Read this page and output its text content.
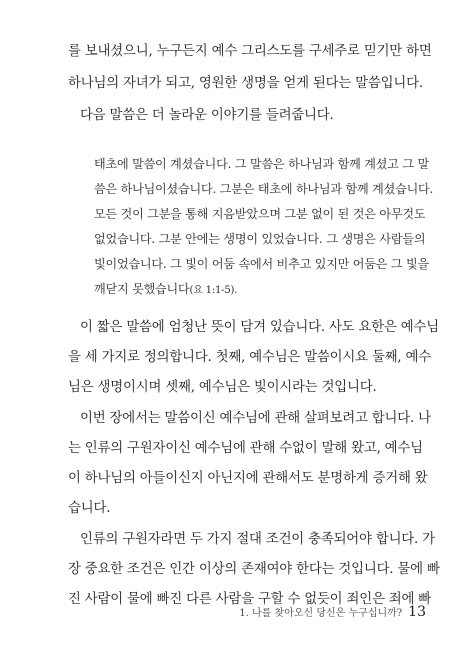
를 보내셨으니, 누구든지 예수 그리스도를 구세주로 믿기만 하면
하나님의 자녀가 되고, 영원한 생명을 얻게 된다는 말씀입니다.
다음 말씀은 더 놀라운 이야기를 들려줍니다.
태초에 말씀이 계셨습니다. 그 말씀은 하나님과 함께 계셨고 그 말
씀은 하나님이셨습니다. 그분은 태초에 하나님과 함께 계셨습니다.
모든 것이 그분을 통해 지음받았으며 그분 없이 된 것은 아무것도
없었습니다. 그분 안에는 생명이 있었습니다. 그 생명은 사람들의
빛이었습니다. 그 빛이 어둠 속에서 비추고 있지만 어둠은 그 빛을
깨닫지 못했습니다(요 1:1-5).
이 짧은 말씀에 엄청난 뜻이 담겨 있습니다. 사도 요한은 예수님
을 세 가지로 정의합니다. 첫째, 예수님은 말씀이시요 둘째, 예수
님은 생명이시며 셋째, 예수님은 빛이시라는 것입니다.
이번 장에서는 말씀이신 예수님에 관해 살펴보려고 합니다. 나
는 인류의 구원자이신 예수님에 관해 수없이 말해 왔고, 예수님
이 하나님의 아들이신지 아닌지에 관해서도 분명하게 증거해 왔
습니다.
인류의 구원자라면 두 가지 절대 조건이 충족되어야 합니다. 가
장 중요한 조건은 인간 이상의 존재여야 한다는 것입니다. 물에 빠
진 사람이 물에 빠진 다른 사람을 구할 수 없듯이 죄인은 죄에 빠
1. 나를 찾아오신 당신은 누구십니까? 13
